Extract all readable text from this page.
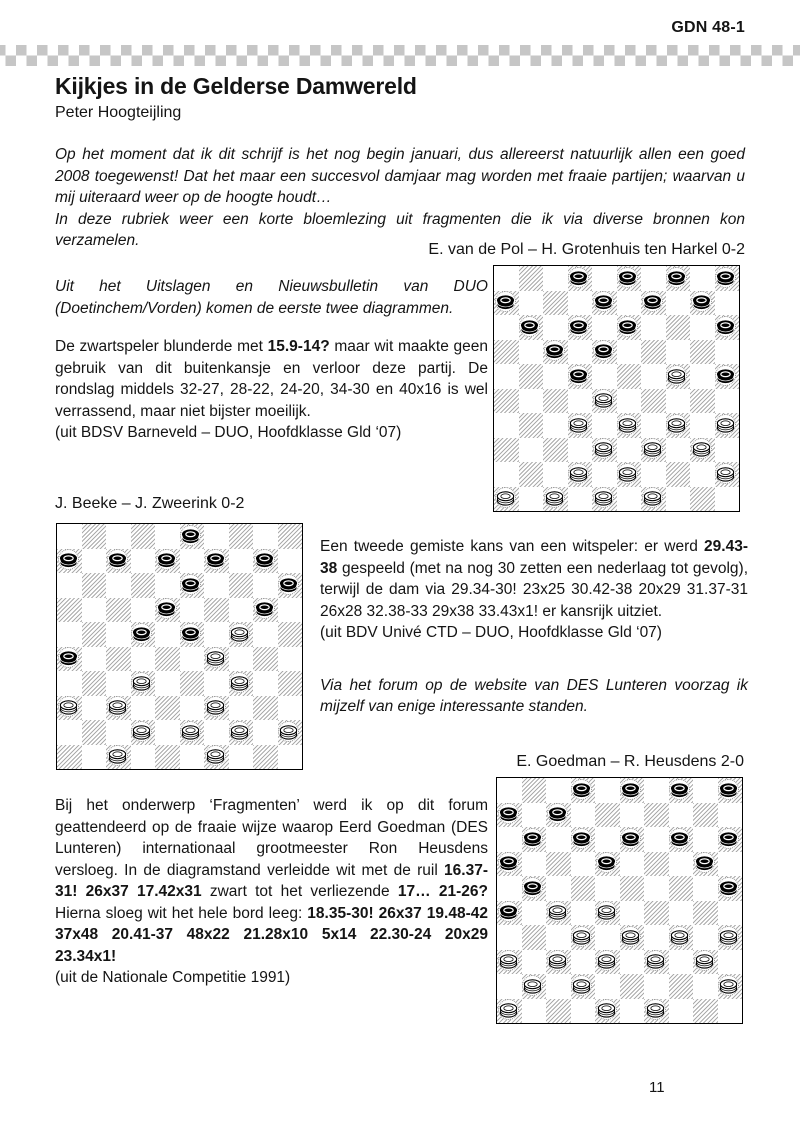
GDN 48-1
Kijkjes in de Gelderse Damwereld
Peter Hoogteijling

Op het moment dat ik dit schrijf is het nog begin januari, dus allereerst natuurlijk allen een goed 2008 toegewenst! Dat het maar een succesvol damjaar mag worden met fraaie partijen; waarvan u mij uiteraard weer op de hoogte houdt…

In deze rubriek weer een korte bloemlezing uit fragmenten die ik via diverse bronnen kon verzamelen.

E. van de Pol – H. Grotenhuis ten Harkel 0-2

Uit het Uitslagen en Nieuwsbulletin van DUO (Doetinchem/Vorden) komen de eerste twee diagrammen.

De zwartspeler blunderde met 15.9-14? maar wit maakte geen gebruik van dit buitenkansje en verloor deze partij. De rondslag middels 32-27, 28-22, 24-20, 34-30 en 40x16 is wel verrassend, maar niet bijster moeilijk.

(uit BDSV Barneveld – DUO, Hoofdklasse Gld ‘07)

J. Beeke – J. Zweerink 0-2

Een tweede gemiste kans van een witspeler: er werd 29.43-38 gespeeld (met na nog 30 zetten een nederlaag tot gevolg), terwijl de dam via 29.34-30! 23x25 30.42-38 20x29 31.37-31 26x28 32.38-33 29x38 33.43x1! er kansrijk uitziet.

(uit BDV Univé CTD – DUO, Hoofdklasse Gld ‘07)

Via het forum op de website van DES Lunteren voorzag ik mijzelf van enige interessante standen.

E. Goedman – R. Heusdens 2-0

Bij het onderwerp ‘Fragmenten’ werd ik op dit forum geattendeerd op de fraaie wijze waarop Eerd Goedman (DES Lunteren) internationaal grootmeester Ron Heusdens versloeg. In de diagramstand verleidde wit met de ruil 16.37-31! 26x37 17.42x31 zwart tot het verliezende 17… 21-26? Hierna sloeg wit het hele bord leeg: 18.35-30! 26x37 19.48-42 37x48 20.41-37 48x22 21.28x10 5x14 22.30-24 20x29 23.34x1!

(uit de Nationale Competitie 1991)

11
